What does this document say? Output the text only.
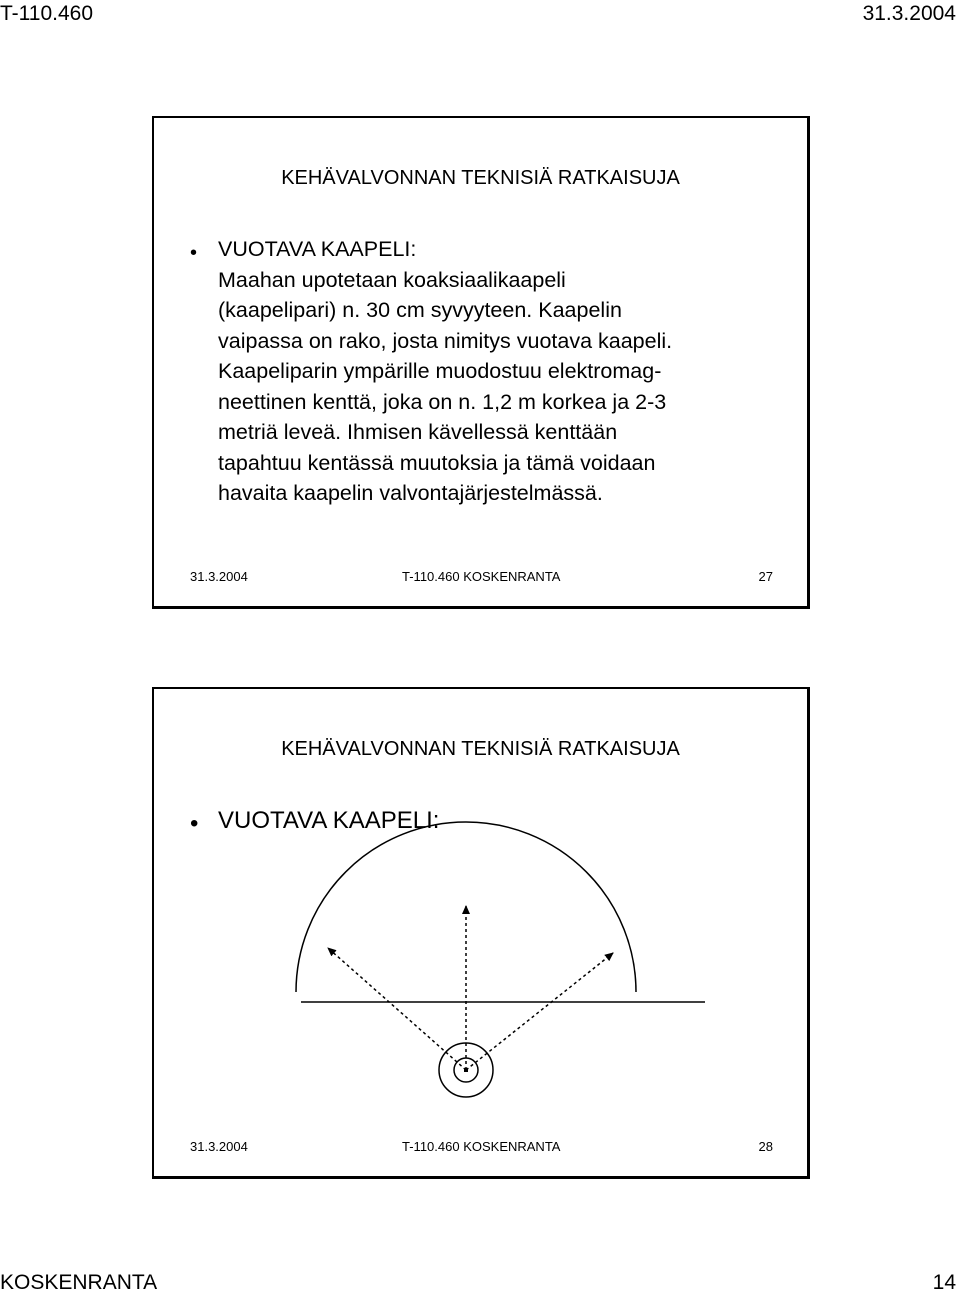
T-110.460	31.3.2004
KEHÄVALVONNAN TEKNISIÄ RATKAISUJA
• VUOTAVA KAAPELI:
Maahan upotetaan koaksiaalikaapeli
(kaapelipari) n. 30 cm syvyyteen. Kaapelin
vaipassa on rako, josta nimitys vuotava kaapeli.
Kaapeliparin ympärille muodostuu elektromag-
neettinen kenttä, joka on n. 1,2 m korkea ja 2-3
metriä leveä. Ihmisen kävellessä kenttään
tapahtuu kentässä muutoksia ja tämä voidaan
havaita kaapelin valvontajärjestelmässä.
31.3.2004	T-110.460 KOSKENRANTA	27
KEHÄVALVONNAN TEKNISIÄ RATKAISUJA
• VUOTAVA KAAPELI:
31.3.2004	T-110.460 KOSKENRANTA	28
KOSKENRANTA	14
